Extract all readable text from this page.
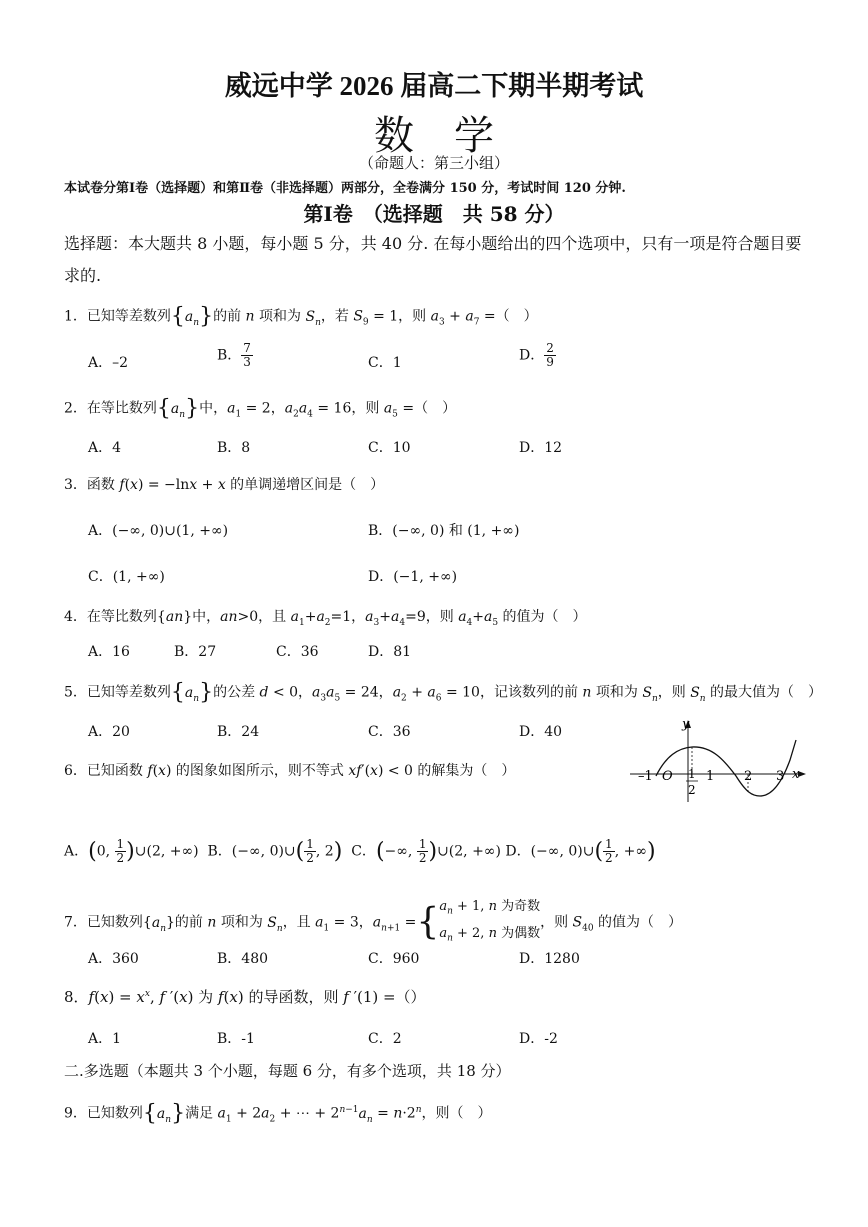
威远中学 2026 届高二下期半期考试
数学
（命题人：第三小组）
本试卷分第Ⅰ卷（选择题）和第Ⅱ卷（非选择题）两部分，全卷满分 150 分，考试时间 120 分钟.
第Ⅰ卷　（选择题　共 58 分）
选择题：本大题共 8 小题，每小题 5 分，共 40 分. 在每小题给出的四个选项中，只有一项是符合题目要求的.
1．已知等差数列$\{a_n\}$的前 n 项和为 $S_n$，若 $S_9 = 1$，则 $a_3 + a_7$ =（　）
A．–2	B． $\frac{7}{3}$	C．1	D． $\frac{2}{9}$
2．在等比数列$\{a_n\}$中，$a_1 = 2$，$a_2a_4 = 16$，则 $a_5$ =（　）
A．4	B．8	C．10	D．12
3．函数 f(x) = −lnx + x 的单调递增区间是（　）
A．(−∞, 0)∪(1, +∞)	B．(−∞, 0) 和 (1, +∞)
C．(1, +∞)	D．(−1, +∞)
4．在等比数列{an}中，an>0，且 $a_1+a_2=1$，$a_3+a_4=9$，则 $a_4+a_5$ 的值为（　）
A．16	B．27	C．36	D．81
5．已知等差数列$\{a_n\}$的公差 d < 0，$a_3a_5 = 24$，$a_2 + a_6 = 10$，记该数列的前 n 项和为 $S_n$，则 $S_n$ 的最大值为（　）
A．20	B．24	C．36	D．40	y
–1 O 1
2
1 2 3 x
6．已知函数 f(x) 的图象如图所示，则不等式 xf′(x) < 0 的解集为（　）
A．(0, $\frac{1}{2}$ )∪(2, +∞)  B．(−∞, 0)∪( $\frac{1}{2}$ , 2)  C．(−∞, $\frac{1}{2}$ )∪(2, +∞) D．(−∞, 0)∪( $\frac{1}{2}$ , +∞)
7．已知数列$\{a_n\}$的前 n 项和为 $S_n$，且 $a_1 = 3$，$a_{n+1}$ ={ $a_n + 1$, n 为奇数
$a_n + 2$, n 为偶数
，则 $S_{40}$ 的值为（　）
A．360	B．480	C．960	D．1280
8．$f(x) = x^x$, f ′(x) 为 f(x) 的导函数，则 f ′(1) =（）
A．1	B．-1	C．2	D．-2
二.多选题（本题共 3 个小题，每题 6 分，有多个选项，共 18 分）
9．已知数列$\{a_n\}$满足 $a_1 + 2a_2$ + ⋯ + $2^{n-1}a_n = n\cdot 2^n$，则（　）
